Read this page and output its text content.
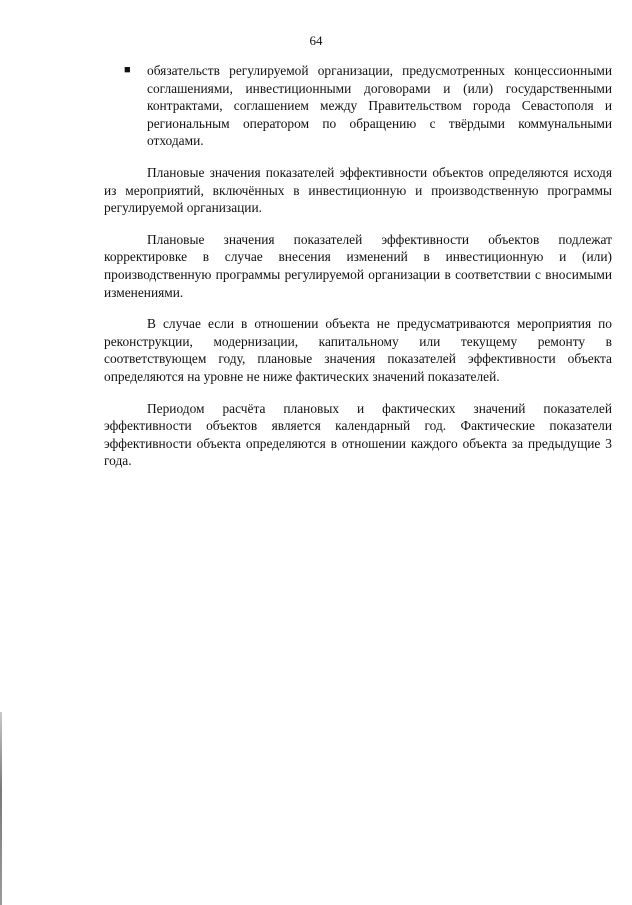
64
■ обязательств регулируемой организации, предусмотренных концессионными соглашениями, инвестиционными договорами и (или) государственными контрактами, соглашением между Правительством города Севастополя и региональным оператором по обращению с твёрдыми коммунальными отходами.

Плановые значения показателей эффективности объектов определяются исходя из мероприятий, включённых в инвестиционную и производственную программы регулируемой организации.

Плановые значения показателей эффективности объектов подлежат корректировке в случае внесения изменений в инвестиционную и (или) производственную программы регулируемой организации в соответствии с вносимыми изменениями.

В случае если в отношении объекта не предусматриваются мероприятия по реконструкции, модернизации, капитальному или текущему ремонту в соответствующем году, плановые значения показателей эффективности объекта определяются на уровне не ниже фактических значений показателей.

Периодом расчёта плановых и фактических значений показателей эффективности объектов является календарный год. Фактические показатели эффективности объекта определяются в отношении каждого объекта за предыдущие 3 года.
